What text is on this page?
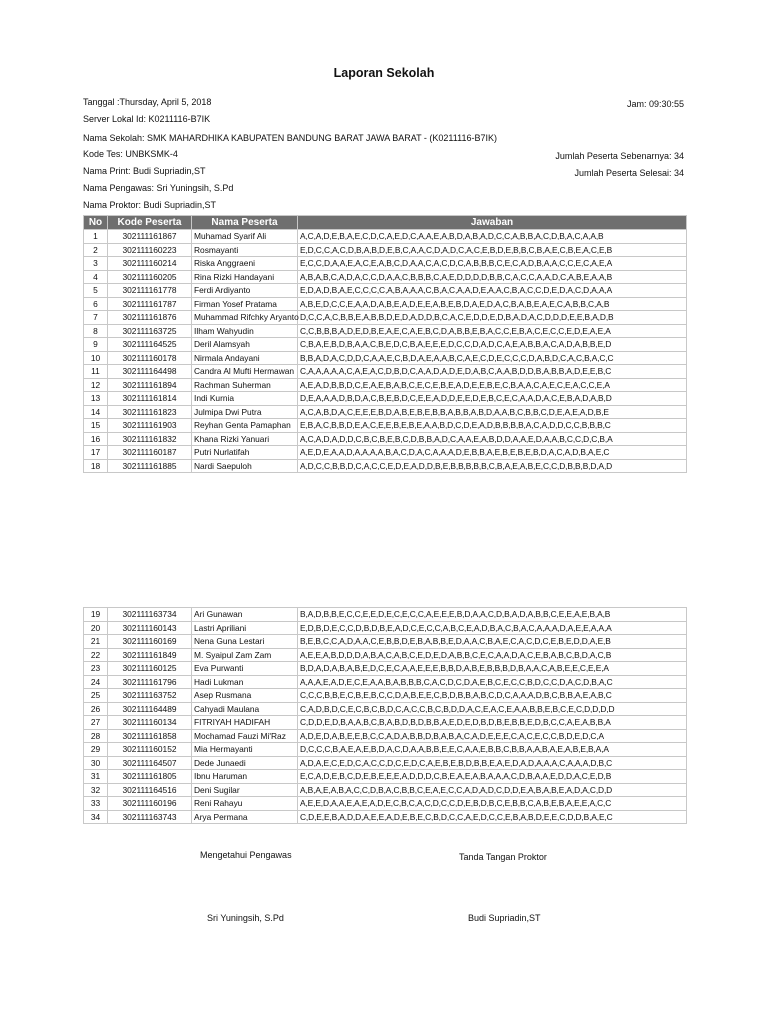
Laporan Sekolah
Tanggal :Thursday, April 5, 2018	Jam: 09:30:55
Server Lokal Id: K0211116-B7IK
Nama Sekolah: SMK MAHARDHIKA KABUPATEN BANDUNG BARAT JAWA BARAT - (K0211116-B7IK)
Kode Tes: UNBKSMK-4	Jumlah Peserta Sebenarnya: 34
Nama Print: Budi Supriadin,ST	Jumlah Peserta Selesai: 34
Nama Pengawas: Sri Yuningsih, S.Pd
Nama Proktor: Budi Supriadin,ST
No	Kode Peserta	Nama Peserta	Jawaban
1	302111161867	Muhamad Syarif Ali	A,C,A,D,E,B,A,E,C,D,C,A,E,D,C,A,A,E,A,B,D,A,B,A,D,C,C,A,B,B,A,C,D,B,A,C,A,A,B
2	302111160223	Rosmayanti	E,D,C,C,A,C,D,B,A,B,D,E,B,C,A,A,C,D,A,D,C,A,C,E,B,D,E,B,B,C,B,A,E,C,B,E,A,C,E,B
3	302111160214	Riska Anggraeni	E,C,C,D,A,A,E,A,C,E,A,B,C,D,A,A,C,A,C,D,C,A,B,B,B,C,E,C,A,D,B,A,A,C,C,E,C,A,E,A
4	302111160205	Rina Rizki Handayani	A,B,A,B,C,A,D,A,C,C,D,A,A,C,B,B,B,C,A,E,D,D,D,D,B,B,C,A,C,C,A,A,D,C,A,B,E,A,A,B
5	302111161778	Ferdi Ardiyanto	E,D,A,D,B,A,E,C,C,C,C,A,B,A,A,A,C,B,A,C,A,A,D,E,A,A,C,B,A,C,C,D,E,D,A,C,D,A,A,A
6	302111161787	Firman Yosef Pratama	A,B,E,D,C,C,E,A,A,D,A,B,E,A,D,E,E,A,B,E,B,D,A,E,D,A,C,B,A,B,E,A,E,C,A,B,B,C,A,B
7	302111161876	Muhammad Rifchky Aryanto	D,C,C,A,C,B,B,E,A,B,B,D,E,D,A,D,D,B,C,A,C,E,D,D,E,D,B,A,D,A,C,D,D,D,E,E,B,A,D,B
8	302111163725	Ilham Wahyudin	C,C,B,B,B,A,D,E,D,B,E,A,E,C,A,E,B,C,D,A,B,B,E,B,A,C,C,E,B,A,C,E,C,C,E,D,E,A,E,A
9	302111164525	Deril Alamsyah	C,B,A,E,B,D,B,A,A,C,B,E,D,C,B,A,E,E,E,D,C,C,D,A,D,C,A,E,A,B,B,A,C,A,D,A,B,B,E,D
10	302111160178	Nirmala Andayani	B,B,A,D,A,C,D,D,C,A,A,E,C,B,D,A,E,A,A,B,C,A,E,C,D,E,C,C,C,D,A,B,D,C,A,C,B,A,C,C
11	302111164498	Candra Al Mufti Hermawan	C,A,A,A,A,A,C,A,E,A,C,D,B,D,C,A,A,D,A,D,E,D,A,B,C,A,A,B,D,D,B,A,B,B,A,D,E,E,B,C
12	302111161894	Rachman Suherman	A,E,A,D,B,B,D,C,E,A,E,B,A,B,C,E,C,E,B,E,A,D,E,E,B,E,C,B,A,A,C,A,E,C,E,A,C,C,E,A
13	302111161814	Indi Kurnia	D,E,A,A,A,D,B,D,A,C,B,E,B,D,C,E,E,A,D,D,E,E,D,E,B,C,E,C,A,A,D,A,C,E,B,A,D,A,B,D
14	302111161823	Julmipa Dwi Putra	A,C,A,B,D,A,C,E,E,E,B,D,A,B,E,B,E,B,B,A,B,B,A,B,D,A,A,B,C,B,B,C,D,E,A,E,A,D,B,E
15	302111161903	Reyhan Genta Pamaphan	E,B,A,C,B,B,D,E,A,C,E,E,B,E,B,E,A,A,B,D,C,D,E,A,D,B,B,B,B,A,C,A,D,D,C,C,B,B,B,C
16	302111161832	Khana Rizki Yanuari	A,C,A,D,A,D,D,C,B,C,B,E,B,C,D,B,B,A,D,C,A,A,E,A,B,D,D,A,A,E,D,A,A,B,C,C,D,C,B,A
17	302111160187	Putri Nurlatifah	A,E,D,E,A,A,D,A,A,A,A,B,A,C,D,A,C,A,A,A,D,E,B,B,A,E,B,E,B,E,B,D,A,C,A,D,B,A,E,C
18	302111161885	Nardi Saepuloh	A,D,C,C,B,B,D,C,A,C,C,E,D,E,A,D,D,B,E,B,B,B,B,B,C,B,A,E,A,B,E,C,C,D,B,B,B,D,A,D
19	302111163734	Ari Gunawan	B,A,D,B,B,E,C,C,E,E,D,E,C,E,C,C,A,E,E,E,B,D,A,A,C,D,B,A,D,A,B,B,C,E,E,A,E,B,A,B
20	302111160143	Lastri Apriliani	E,D,B,D,E,C,C,D,B,D,B,E,A,D,C,E,C,C,A,B,C,E,A,D,B,A,C,B,A,C,A,A,A,D,A,E,E,A,A,A
21	302111160169	Nena Guna Lestari	B,E,B,C,C,A,D,A,A,C,E,B,B,D,E,B,A,B,B,E,D,A,A,C,B,A,E,C,A,C,D,C,E,B,E,D,D,A,E,B
22	302111161849	M. Syaipul Zam Zam	A,E,E,A,B,D,D,D,A,B,A,C,A,B,C,E,D,E,D,A,B,B,C,E,C,A,A,D,A,C,E,B,A,B,C,B,D,A,C,B
23	302111160125	Eva Purwanti	B,D,A,D,A,B,A,B,E,D,C,E,C,A,A,E,E,E,B,B,D,A,B,E,B,B,B,D,B,A,A,C,A,B,E,E,C,E,E,A
24	302111161796	Hadi Lukman	A,A,A,E,A,D,E,C,E,A,A,B,A,B,B,B,C,A,C,D,C,D,A,E,B,C,E,C,C,B,D,C,C,D,A,C,D,B,A,C
25	302111163752	Asep Rusmana	C,C,C,B,B,E,C,B,E,B,C,C,D,A,B,E,E,C,B,D,B,B,A,B,C,D,C,A,A,A,D,B,C,B,B,A,E,A,B,C
26	302111164489	Cahyadi Maulana	C,A,D,B,D,C,E,C,B,C,B,D,C,A,C,C,B,C,B,D,D,A,C,E,A,C,E,A,A,B,B,E,B,C,E,C,D,D,D,D
27	302111160134	FITRIYAH HADIFAH	C,D,D,E,D,B,A,A,B,C,B,A,B,D,B,D,B,B,A,E,D,E,D,B,D,B,E,B,B,E,D,B,C,C,A,E,A,B,B,A
28	302111161858	Mochamad Fauzi Mi'Raz	A,D,E,D,A,B,E,E,B,C,C,A,D,A,B,B,D,B,A,B,A,C,A,D,E,E,E,C,A,C,E,C,C,B,D,E,D,C,A
29	302111160152	Mia Hermayanti	D,C,C,C,B,A,E,A,E,B,D,A,C,D,A,A,B,B,E,E,C,A,A,E,B,B,C,B,B,A,A,B,A,E,A,B,E,B,A,A
30	302111164507	Dede Junaedi	A,D,A,E,C,E,D,C,A,C,C,D,C,E,D,C,A,E,B,E,B,D,B,B,E,A,E,D,A,D,A,A,A,C,A,A,A,D,B,C
31	302111161805	Ibnu Haruman	E,C,A,D,E,B,C,D,E,B,E,E,E,A,D,D,D,C,B,E,A,E,A,B,A,A,A,C,D,B,A,A,E,D,D,A,C,E,D,B
32	302111164516	Deni Sugilar	A,B,A,E,A,B,A,C,C,D,B,A,C,B,B,C,E,A,E,C,C,A,D,A,D,C,D,D,E,A,B,A,B,E,A,D,A,C,D,D
33	302111160196	Reni Rahayu	A,E,E,D,A,A,E,A,E,A,D,E,C,B,C,A,C,D,C,C,D,E,B,D,B,C,E,B,B,C,A,B,E,B,A,E,E,A,C,C
34	302111163743	Arya Permana	C,D,E,E,B,A,D,D,A,E,E,A,D,E,B,E,C,B,D,C,C,A,E,D,C,C,E,B,A,B,D,E,E,C,D,D,B,A,E,C
Mengetahui Pengawas	Tanda Tangan Proktor
Sri Yuningsih, S.Pd	Budi Supriadin,ST
